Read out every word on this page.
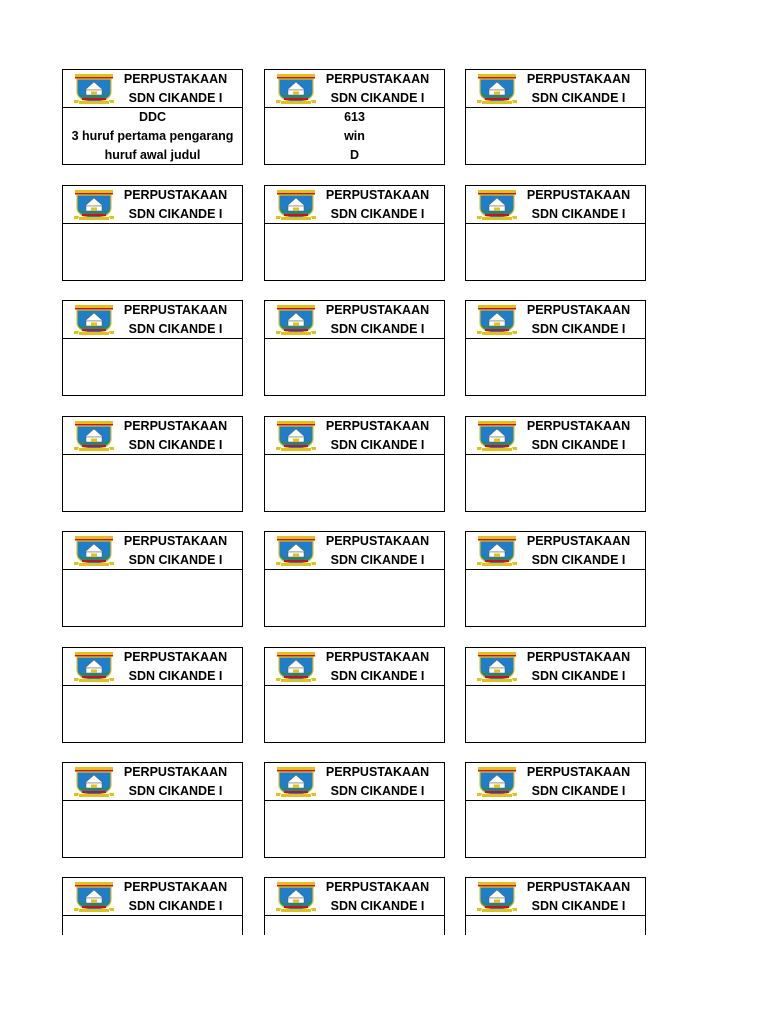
PERPUSTAKAAN
SDN CIKANDE I
DDC
3 huruf pertama pengarang
huruf awal judul
PERPUSTAKAAN
SDN CIKANDE I
613
win
D
PERPUSTAKAAN
SDN CIKANDE I
PERPUSTAKAAN
SDN CIKANDE I
PERPUSTAKAAN
SDN CIKANDE I
PERPUSTAKAAN
SDN CIKANDE I
PERPUSTAKAAN
SDN CIKANDE I
PERPUSTAKAAN
SDN CIKANDE I
PERPUSTAKAAN
SDN CIKANDE I
PERPUSTAKAAN
SDN CIKANDE I
PERPUSTAKAAN
SDN CIKANDE I
PERPUSTAKAAN
SDN CIKANDE I
PERPUSTAKAAN
SDN CIKANDE I
PERPUSTAKAAN
SDN CIKANDE I
PERPUSTAKAAN
SDN CIKANDE I
PERPUSTAKAAN
SDN CIKANDE I
PERPUSTAKAAN
SDN CIKANDE I
PERPUSTAKAAN
SDN CIKANDE I
PERPUSTAKAAN
SDN CIKANDE I
PERPUSTAKAAN
SDN CIKANDE I
PERPUSTAKAAN
SDN CIKANDE I
PERPUSTAKAAN
SDN CIKANDE I
PERPUSTAKAAN
SDN CIKANDE I
PERPUSTAKAAN
SDN CIKANDE I
